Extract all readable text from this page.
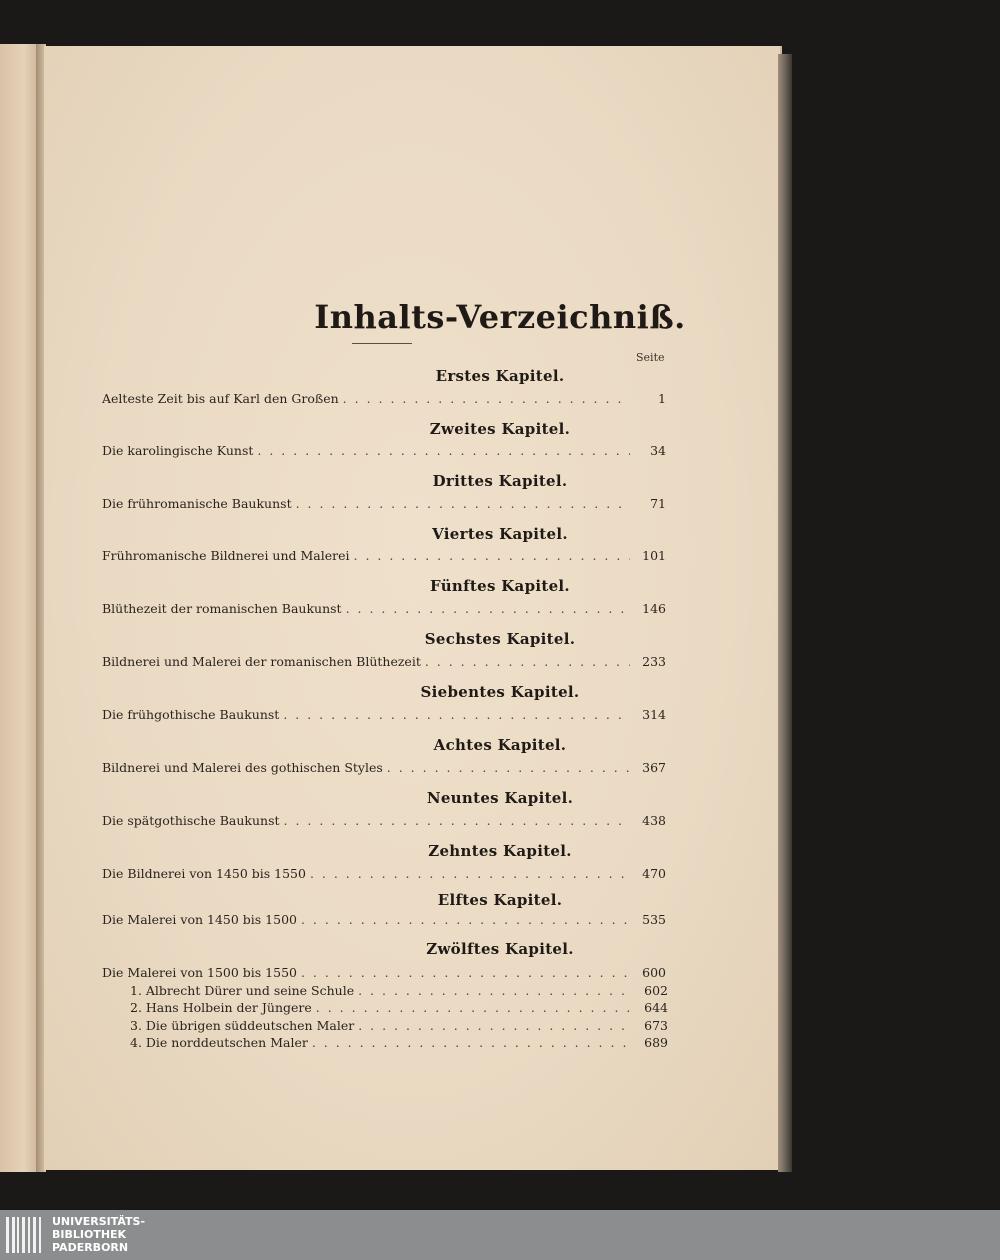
Inhalts-Verzeichniß.
Seite
Erstes Kapitel.
Aelteste Zeit bis auf Karl den Großen . . .	1
Zweites Kapitel.
Die karolingische Kunst . . .	34
Drittes Kapitel.
Die frühromanische Baukunst . . .	71
Viertes Kapitel.
Frühromanische Bildnerei und Malerei . . .	101
Fünftes Kapitel.
Blüthezeit der romanischen Baukunst . . .	146
Sechstes Kapitel.
Bildnerei und Malerei der romanischen Blüthezeit . . .	233
Siebentes Kapitel.
Die frühgothische Baukunst . . .	314
Achtes Kapitel.
Bildnerei und Malerei des gothischen Styles . . .	367
Neuntes Kapitel.
Die spätgothische Baukunst . . .	438
Zehntes Kapitel.
Die Bildnerei von 1450 bis 1550 . . .	470
Elftes Kapitel.
Die Malerei von 1450 bis 1500 . . .	535
Zwölftes Kapitel.
Die Malerei von 1500 bis 1550 . . .	600
1. Albrecht Dürer und seine Schule . . .	602
2. Hans Holbein der Jüngere . . .	644
3. Die übrigen süddeutschen Maler . . .	673
4. Die norddeutschen Maler . . .	689
UNIVERSITÄTS-
BIBLIOTHEK
PADERBORN
